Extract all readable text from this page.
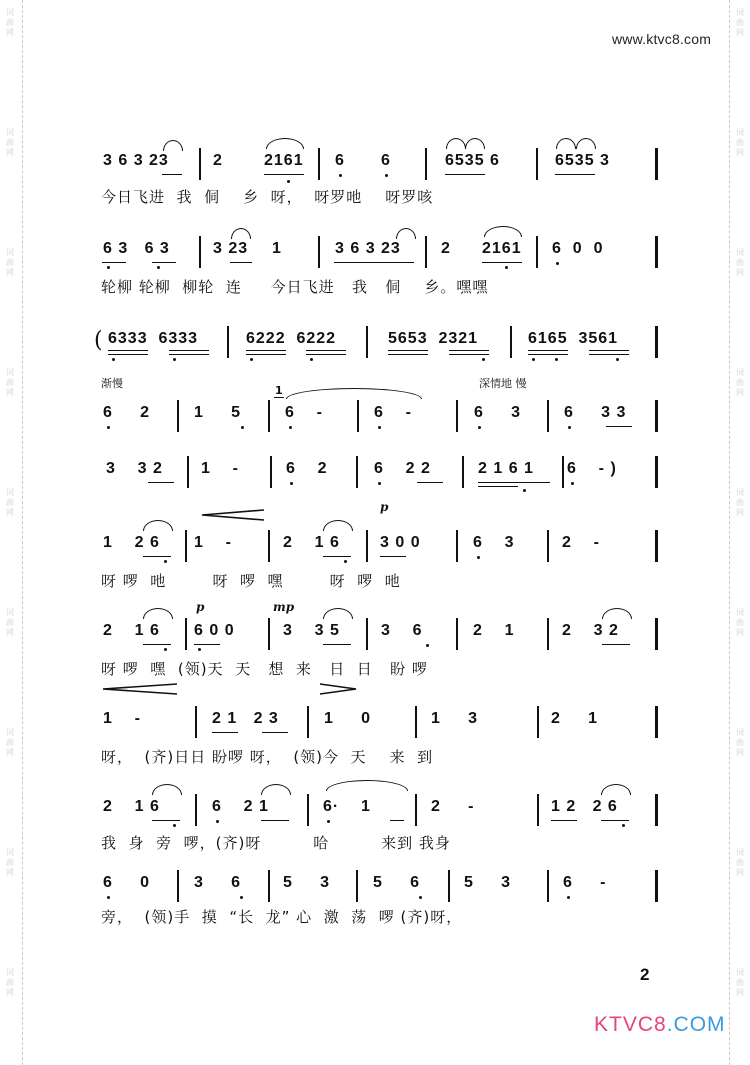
词
曲
网
词
曲
网
词
曲
网
词
曲
网
词
曲
网
词
曲
网
词
曲
网
词
曲
网
词
曲
网
词
曲
网
词
曲
网
词
曲
网
词
曲
网
词
曲
网
词
曲
网
词
曲
网
词
曲
网
词
曲
网
www.ktvc8.com
3 6 3 23	2	2161 6 6	6535 6	6535 3
今日飞进  我  侗    乡  呀，  呀罗吔    呀罗咳
6 3   6 3	3 23 1	3 6 3 23	2 2161 6  0  0
轮柳 轮柳  柳轮  连     今日飞进   我   侗    乡。嘿嘿
( 6333  6333	6222  6222	5653  2321	6165  3561
渐慢	深情地 慢
6     2	1     5
1
6    -	6    -	6     3	6     3 3
3    3 2 1    -	6    2	6    2 2	2 1 6 1 6    - )
p
1    2 6 1    -	2    1 6	3 0 0	6    3	2    -
呀 啰  吔        呀  啰  嘿        呀  啰  吔
p	mp
2    1 6 6 0 0	3    3 5	3    6	2    1	2    3 2
呀 啰  嘿  (领)天  天   想  来   日  日   盼 啰
1    -	2 1   2 3	1     0	1     3	2     1
呀，  (齐)日日 盼啰 呀，  (领)今  天    来  到
2    1 6	6    2 1	6·    1	2     -	1 2   2 6
我  身  旁  啰，(齐)呀         哈         来到 我身
6     0	3     6	5     3	5     6	5     3	6     -
旁，  (领)手  摸  “长  龙” 心  激  荡  啰 (齐)呀，
2
KTVC8.COM
